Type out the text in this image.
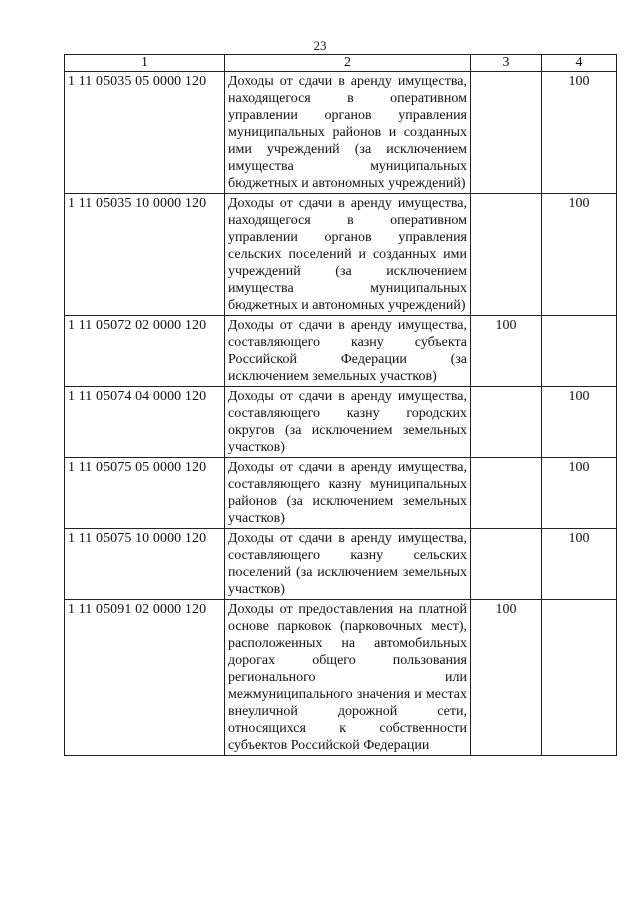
23
1	2	3	4
1 11 05035 05 0000 120	Доходы от сдачи в аренду имущества, находящегося в оперативном управлении органов управления муниципальных районов и созданных ими учреждений (за исключением имущества муниципальных бюджетных и автономных учреждений)		100
1 11 05035 10 0000 120	Доходы от сдачи в аренду имущества, находящегося в оперативном управлении органов управления сельских поселений и созданных ими учреждений (за исключением имущества муниципальных бюджетных и автономных учреждений)		100
1 11 05072 02 0000 120	Доходы от сдачи в аренду имущества, составляющего казну субъекта Российской Федерации (за исключением земельных участков)	100	
1 11 05074 04 0000 120	Доходы от сдачи в аренду имущества, составляющего казну городских округов (за исключением земельных участков)		100
1 11 05075 05 0000 120	Доходы от сдачи в аренду имущества, составляющего казну муниципальных районов (за исключением земельных участков)		100
1 11 05075 10 0000 120	Доходы от сдачи в аренду имущества, составляющего казну сельских поселений (за исключением земельных участков)		100
1 11 05091 02 0000 120	Доходы от предоставления на платной основе парковок (парковочных мест), расположенных на автомобильных дорогах общего пользования регионального или межмуниципального значения и местах внеуличной дорожной сети, относящихся к собственности субъектов Российской Федерации	100	
